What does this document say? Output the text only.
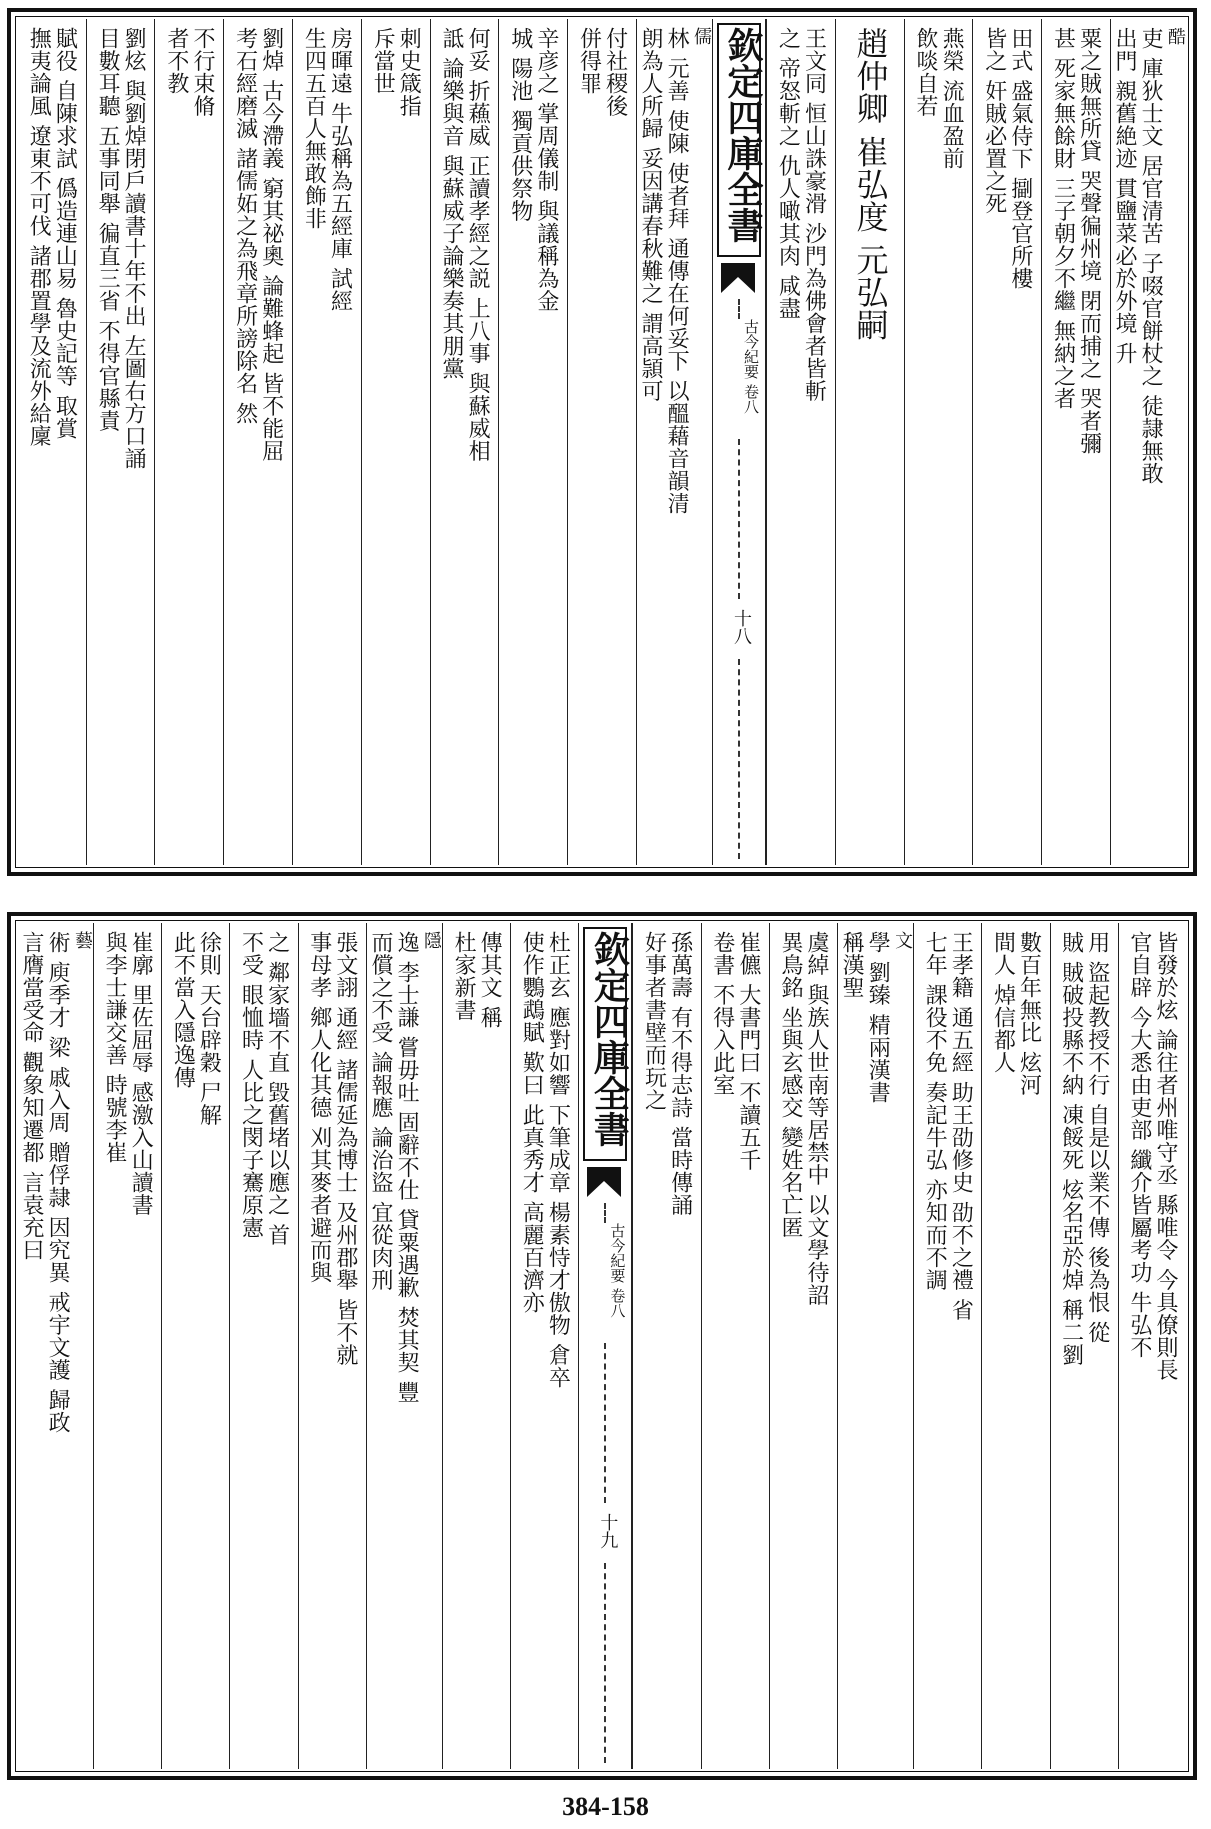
酷
吏 庫狄士文 居官清苦 子啜官餅杖之 徒隷無敢
出門 親舊絶迹 貫鹽菜必於外境 升
粟之賊無所貸 哭聲徧州境 閉而捕之 哭者彌
甚 死家無餘財 三子朝夕不繼 無納之者
田式 盛氣侍下 㨽登官所樓
皆之 奸賊必置之死
燕榮 流血盈前
飲啖自若
趙仲卿 崔弘度 元弘嗣
王文同 恒山誅豪滑 沙門為佛會者皆斬
之 帝怒斬之 仇人噉其肉 咸盡
欽定四庫全書
古今紀要 卷八
十八
儒
林 元善 使陳 使者拜 通傳在何妥下 以醞藉音韻清
朗為人所歸 妥因講春秋難之 謂高頴可
付社稷後
併得罪
辛彦之 掌周儀制 與議稱為金
城 陽池 獨貢供祭物
何妥 折蘓威 正讀孝經之説 上八事 與蘇威相
詆 論樂與音 與蘇威子論樂奏其朋黨
刺史箴指
斥當世
房暉遠 牛弘稱為五經庫 試經
生四五百人無敢飾非
劉焯 古今滯義 窮其祕奧 論難蜂起 皆不能屈
考石經磨滅 諸儒妬之為飛章所謗除名 然
不行束脩
者不教
劉炫 與劉焯閉戶讀書十年不出 左圖右方口誦
目數耳聽 五事同舉 徧直三省 不得官縣責
賦役 自陳求試 僞造連山易 魯史記等 取賞
撫夷論風 遼東不可伐 諸郡置學及流外給廩
皆發於炫 論往者州唯守丞 縣唯令 今具僚則長
官自辟 今大悉由吏部 纖介皆屬考功 牛弘不
用 盜起教授不行 自是以業不傳 後為恨 從
賊 賊破投縣不納 凍餒死 炫名亞於焯 稱二劉
數百年無比 炫河
間人 焯信都人
王孝籍 通五經 助王劭修史 劭不之禮 省
七年 課役不免 奏記牛弘 亦知而不調
文
學 劉臻 精兩漢書
稱漢聖
虞綽 與族人世南等居禁中 以文學待詔
異鳥銘 坐與玄感交 變姓名亡匿
崔儦 大書門曰 不讀五千
卷書 不得入此室
孫萬壽 有不得志詩 當時傳誦
好事者書壁而玩之
欽定四庫全書
古今紀要 卷八
十九
杜正玄 應對如響 下筆成章 楊素恃才傲物 倉卒
使作鸚鵡賦 歎曰 此真秀才 高麗百濟亦
傳其文 稱
杜家新書
隱
逸 李士謙 嘗毋吐 固辭不仕 貸粟遇歉 焚其契 豐
而償之不受 論報應 論治盜 宜從肉刑
張文詡 通經 諸儒延為博士 及州郡舉 皆不就
事母孝 鄉人化其德 刈其麥者避而與
之 鄰家墻不直 毀舊堵以應之 首
不受 眼恤時 人比之閔子騫原憲
徐則 天台辟穀 尸解
此不當入隱逸傳
崔廓 里佐屈辱 感激入山讀書
與李士謙交善 時號李崔
藝
術 庾季才 梁 戚入周 贈俘隷 因究異 戒宇文護 歸政
言膺當受命 觀象知遷都 言袁充曰
384-158
